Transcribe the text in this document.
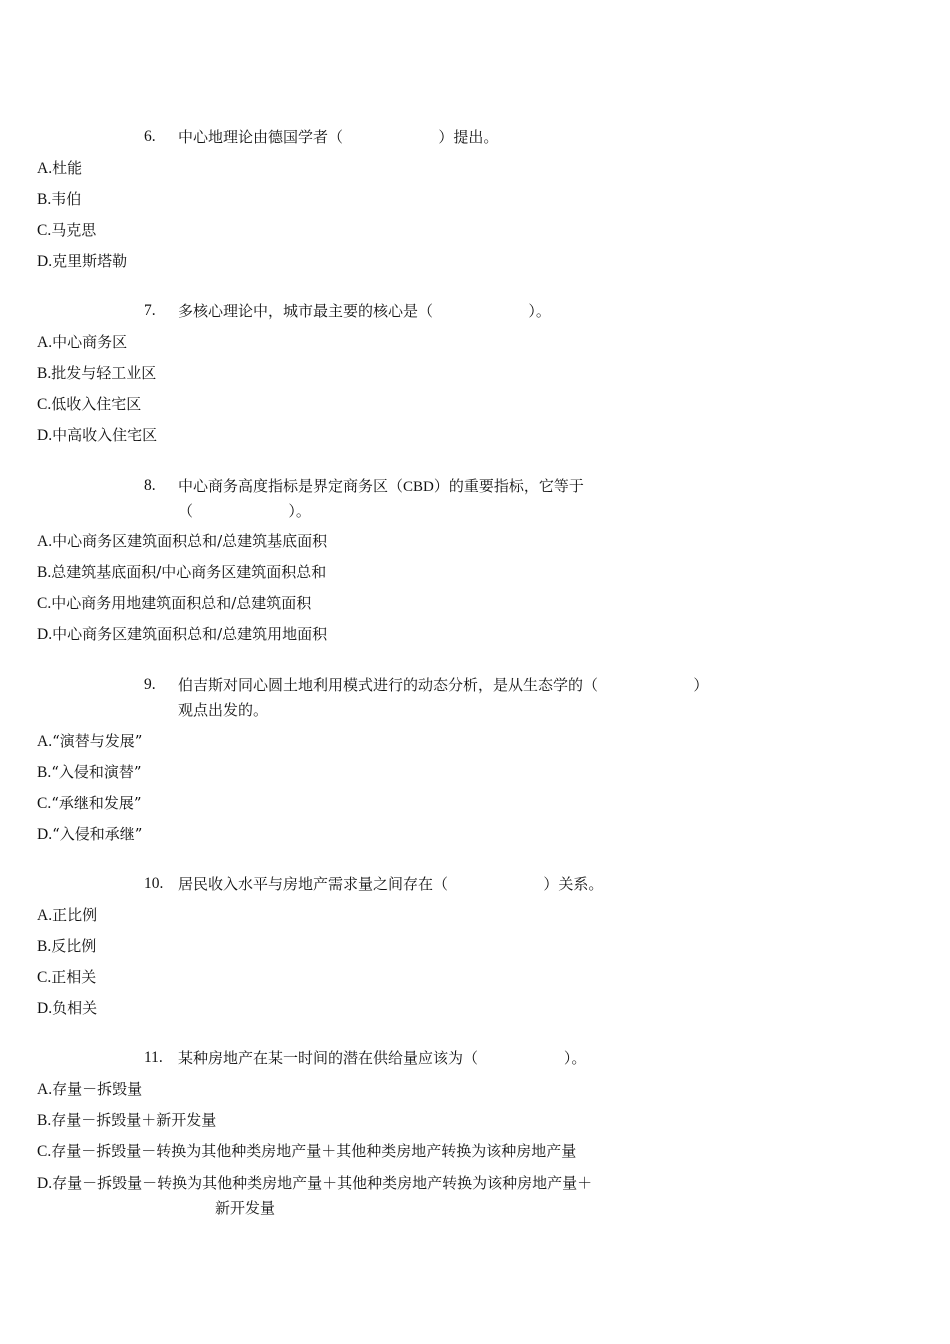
6. 中心地理论由德国学者（	）提出。
A.杜能
B.韦伯
C.马克思
D.克里斯塔勒
7. 多核心理论中，城市最主要的核心是（	）。
A.中心商务区
B.批发与轻工业区
C.低收入住宅区
D.中高收入住宅区
8. 中心商务高度指标是界定商务区（CBD）的重要指标，它等于
（                    ）。
A.中心商务区建筑面积总和/总建筑基底面积
B.总建筑基底面积/中心商务区建筑面积总和
C.中心商务用地建筑面积总和/总建筑面积
D.中心商务区建筑面积总和/总建筑用地面积
9. 伯吉斯对同心圆土地利用模式进行的动态分析，是从生态学的（                    ）
观点出发的。
A.“演替与发展”
B.“入侵和演替”
C.“承继和发展”
D.“入侵和承继”
10. 居民收入水平与房地产需求量之间存在（	）关系。
A.正比例
B.反比例
C.正相关
D.负相关
11. 某种房地产在某一时间的潜在供给量应该为（	）。
A.存量－拆毁量
B.存量－拆毁量＋新开发量
C.存量－拆毁量－转换为其他种类房地产量＋其他种类房地产转换为该种房地产量
D.存量－拆毁量－转换为其他种类房地产量＋其他种类房地产转换为该种房地产量＋
新开发量
